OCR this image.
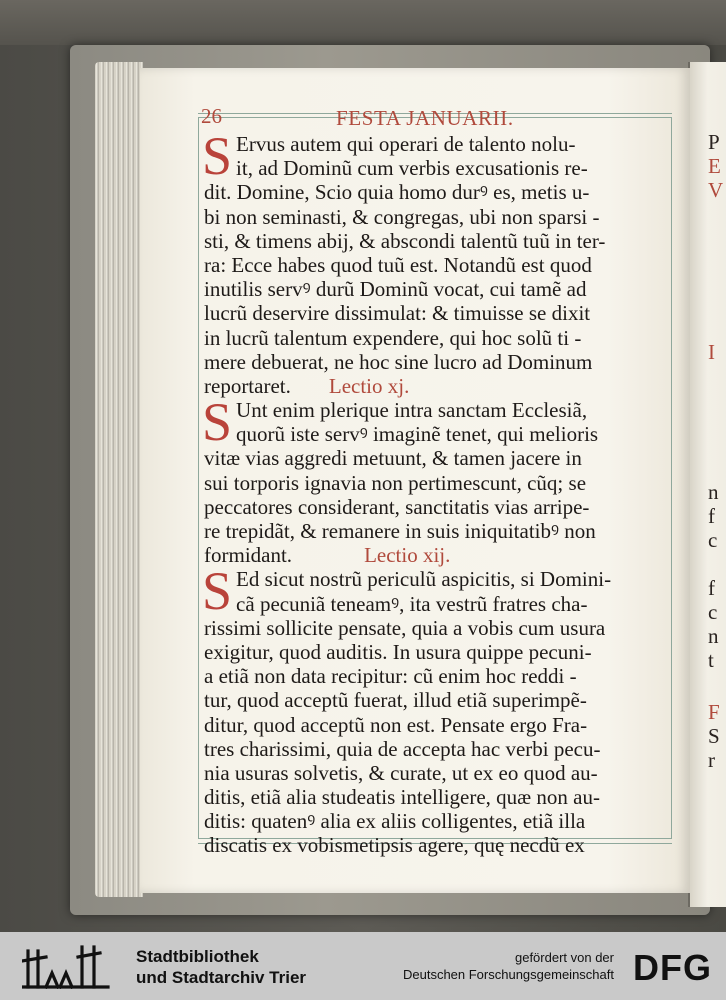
P
E
V
I
n
f
c
f
c
n
t
F
S
r
26	FESTA JANUARII.
S Ervus autem qui operari de talento nolu-
it, ad Dominũ cum verbis excusationis re-
dit. Domine, Scio quia homo durꝰ es, metis u-
bi non seminasti, & congregas, ubi non sparsi -
sti, & timens abij, & abscondi talentũ tuũ in ter-
ra: Ecce habes quod tuũ est. Notandũ est quod
inutilis servꝰ durũ Dominũ vocat, cui tamẽ ad
lucrũ deservire dissimulat: & timuisse se dixit
in lucrũ talentum expendere, qui hoc solũ ti -
mere debuerat, ne hoc sine lucro ad Dominum
reportaret. Lectio xj.
S Unt enim plerique intra sanctam Ecclesiã,
quorũ iste servꝰ imaginẽ tenet, qui melioris
vitæ vias aggredi metuunt, & tamen jacere in
sui torporis ignavia non pertimescunt, cũq; se
peccatores considerant, sanctitatis vias arripe-
re trepidãt, & remanere in suis iniquitatibꝰ non
formidant.	Lectio xij.
S Ed sicut nostrũ periculũ aspicitis, si Domini-
cã pecuniã teneamꝰ, ita vestrũ fratres cha-
rissimi sollicite pensate, quia a vobis cum usura
exigitur, quod auditis. In usura quippe pecuni-
a etiã non data recipitur: cũ enim hoc reddi -
tur, quod acceptũ fuerat, illud etiã superimpẽ-
ditur, quod acceptũ non est. Pensate ergo Fra-
tres charissimi, quia de accepta hac verbi pecu-
nia usuras solvetis, & curate, ut ex eo quod au-
ditis, etiã alia studeatis intelligere, quæ non au-
ditis: quatenꝰ alia ex aliis colligentes, etiã illa
discatis ex vobismetipsis agere, quę necdũ ex
Stadtbibliothek
und Stadtarchiv Trier
gefördert von der
Deutschen Forschungsgemeinschaft DFG
